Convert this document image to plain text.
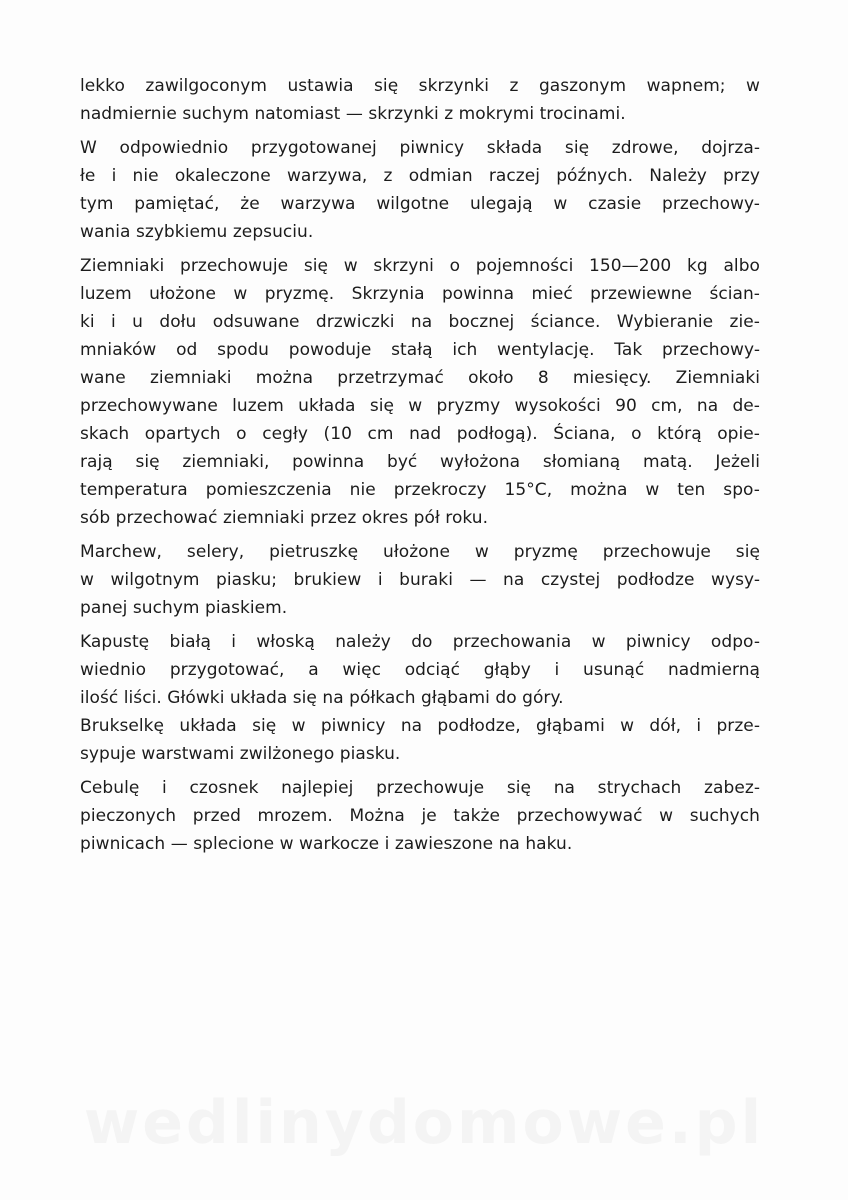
lekko zawilgoconym ustawia się skrzynki z gaszonym wapnem; w
nadmiernie suchym natomiast — skrzynki z mokrymi trocinami.

W odpowiednio przygotowanej piwnicy składa się zdrowe, dojrza-
łe i nie okaleczone warzywa, z odmian raczej późnych. Należy przy
tym pamiętać, że warzywa wilgotne ulegają w czasie przechowy-
wania szybkiemu zepsuciu.

Ziemniaki przechowuje się w skrzyni o pojemności 150—200 kg albo
luzem ułożone w pryzmę. Skrzynia powinna mieć przewiewne ścian-
ki i u dołu odsuwane drzwiczki na bocznej ściance. Wybieranie zie-
mniaków od spodu powoduje stałą ich wentylację. Tak przechowy-
wane ziemniaki można przetrzymać około 8 miesięcy. Ziemniaki
przechowywane luzem układa się w pryzmy wysokości 90 cm, na de-
skach opartych o cegły (10 cm nad podłogą). Ściana, o którą opie-
rają się ziemniaki, powinna być wyłożona słomianą matą. Jeżeli
temperatura pomieszczenia nie przekroczy 15°C, można w ten spo-
sób przechować ziemniaki przez okres pół roku.

Marchew, selery, pietruszkę ułożone w pryzmę przechowuje się
w wilgotnym piasku; brukiew i buraki — na czystej podłodze wysy-
panej suchym piaskiem.

Kapustę białą i włoską należy do przechowania w piwnicy odpo-
wiednio przygotować, a więc odciąć głąby i usunąć nadmierną
ilość liści. Główki układa się na półkach głąbami do góry.

Brukselkę układa się w piwnicy na podłodze, głąbami w dół, i prze-
sypuje warstwami zwilżonego piasku.

Cebulę i czosnek najlepiej przechowuje się na strychach zabez-
pieczonych przed mrozem. Można je także przechowywać w suchych
piwnicach — splecione w warkocze i zawieszone na haku.

wedlinydomowe.pl
